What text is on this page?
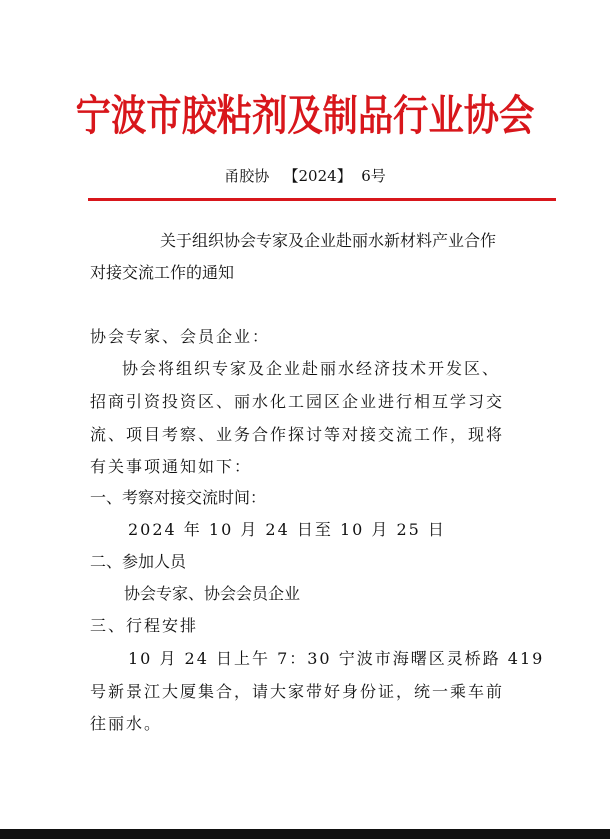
宁波市胶粘剂及制品行业协会
甬胶协 【2024】 6号
关于组织协会专家及企业赴丽水新材料产业合作
对接交流工作的通知
协会专家、会员企业：
协会将组织专家及企业赴丽水经济技术开发区、
招商引资投资区、丽水化工园区企业进行相互学习交
流、项目考察、业务合作探讨等对接交流工作，现将
有关事项通知如下：
一、考察对接交流时间：
2024 年 10 月 24 日至 10 月 25 日
二、参加人员
协会专家、协会会员企业
三、行程安排
10 月 24 日上午 7：30 宁波市海曙区灵桥路 419
号新景江大厦集合，请大家带好身份证，统一乘车前
往丽水。
